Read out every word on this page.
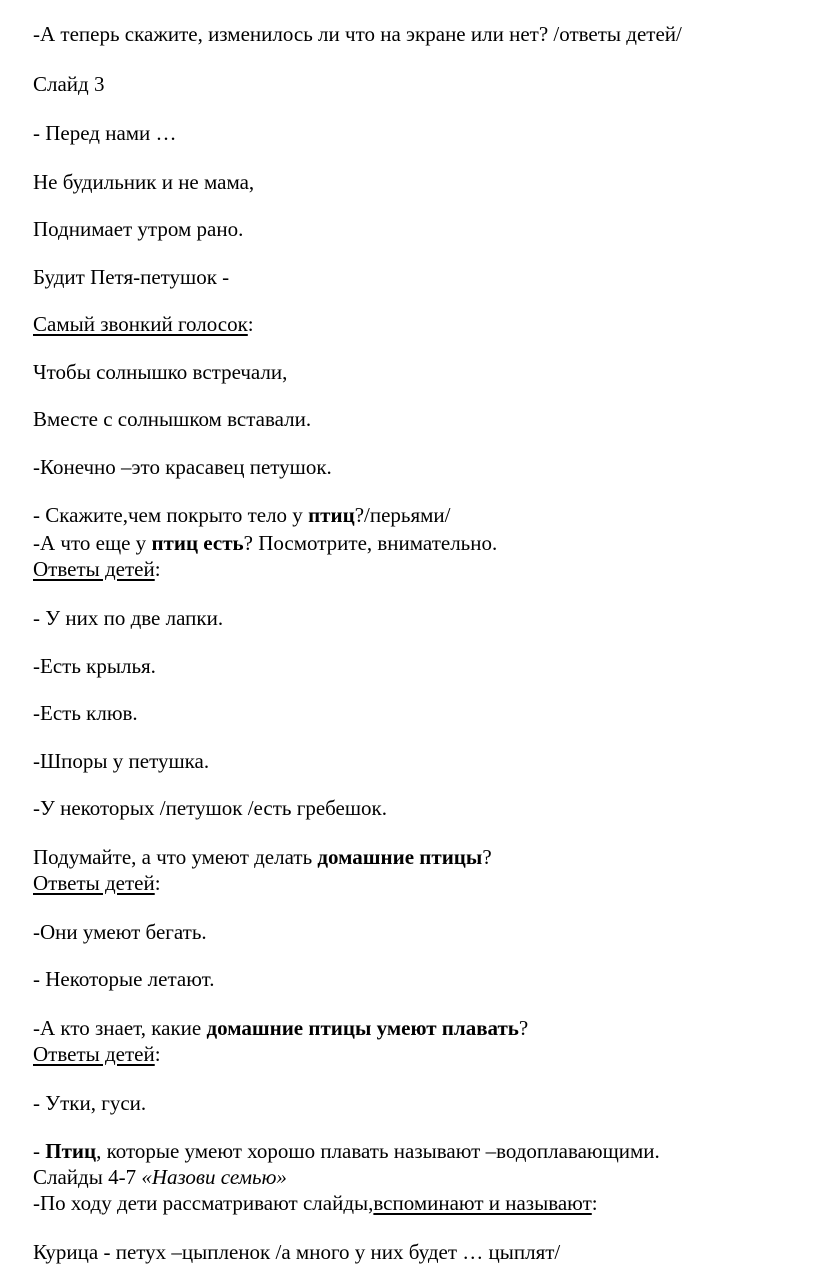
-А теперь скажите, изменилось ли что на экране или нет? /ответы детей/
Слайд 3
- Перед нами …
Не будильник и не мама,
Поднимает утром рано.
Будит Петя-петушок -
Самый звонкий голосок:
Чтобы солнышко встречали,
Вместе с солнышком вставали.
-Конечно –это красавец петушок.
- Скажите,чем покрыто тело у птиц?/перьями/
-А что еще у птиц есть? Посмотрите, внимательно.
Ответы детей:
- У них по две лапки.
-Есть крылья.
-Есть клюв.
-Шпоры у петушка.
-У некоторых /петушок /есть гребешок.
Подумайте, а что умеют делать домашние птицы?
Ответы детей:
-Они умеют бегать.
- Некоторые летают.
-А кто знает, какие домашние птицы умеют плавать?
Ответы детей:
- Утки, гуси.
- Птиц, которые умеют хорошо плавать называют –водоплавающими.
Слайды 4-7 «Назови семью»
-По ходу дети рассматривают слайды,вспоминают и называют:
Курица - петух –цыпленок /а много у них будет … цыплят/
